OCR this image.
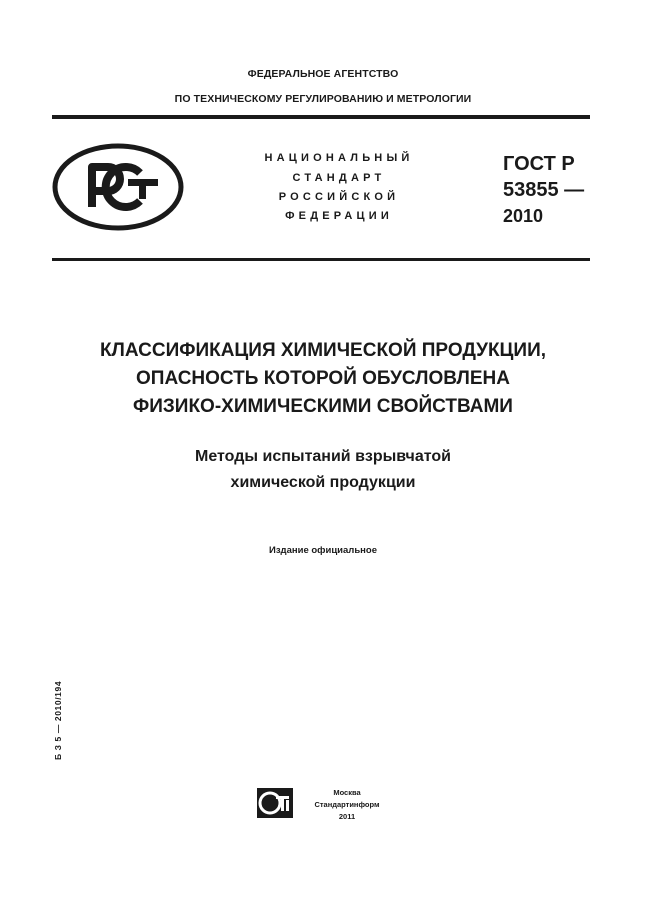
ФЕДЕРАЛЬНОЕ АГЕНТСТВО
ПО ТЕХНИЧЕСКОМУ РЕГУЛИРОВАНИЮ И МЕТРОЛОГИИ
НАЦИОНАЛЬНЫЙ
СТАНДАРТ
РОССИЙСКОЙ
ФЕДЕРАЦИИ
ГОСТ Р
53855 —
2010
КЛАССИФИКАЦИЯ ХИМИЧЕСКОЙ ПРОДУКЦИИ,
ОПАСНОСТЬ КОТОРОЙ ОБУСЛОВЛЕНА
ФИЗИКО-ХИМИЧЕСКИМИ СВОЙСТВАМИ
Методы испытаний взрывчатой
химической продукции
Издание официальное
Б З 5 — 2010/194
Москва
Стандартинформ
2011
